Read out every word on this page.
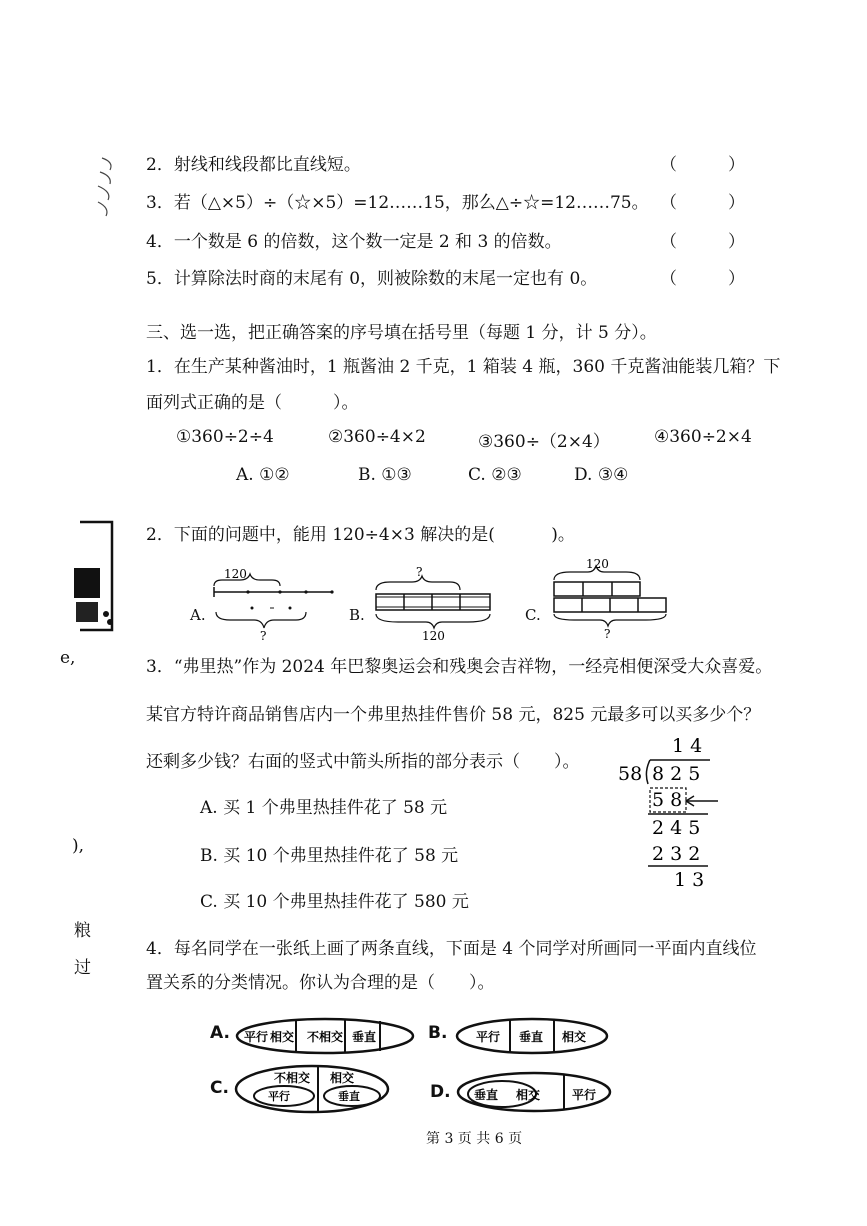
e,
),
粮
过
2．射线和线段都比直线短。	（　　　）
3．若（△×5）÷（☆×5）=12……15，那么△÷☆=12……75。 （　　　）
4．一个数是 6 的倍数，这个数一定是 2 和 3 的倍数。	（　　　）
5．计算除法时商的末尾有 0，则被除数的末尾一定也有 0。	（　　　）
三、选一选，把正确答案的序号填在括号里（每题 1 分，计 5 分）。
1．在生产某种酱油时，1 瓶酱油 2 千克，1 箱装 4 瓶，360 千克酱油能装几箱？下
面列式正确的是（　　　）。
①360÷2÷4	②360÷4×2	③360÷（2×4）	④360÷2×4
A. ①②	B. ①③	C. ②③	D. ③④
2．下面的问题中，能用 120÷4×3 解决的是(　　　 )。
A.
120
?
B.
?
120
C.
120
?
3．“弗里热”作为 2024 年巴黎奥运会和残奥会吉祥物，一经亮相便深受大众喜爱。
某官方特许商品销售店内一个弗里热挂件售价 58 元，825 元最多可以买多少个？
还剩多少钱？右面的竖式中箭头所指的部分表示（　　）。
A. 买 1 个弗里热挂件花了 58 元
B. 买 10 个弗里热挂件花了 58 元
C. 买 10 个弗里热挂件花了 580 元
1 4
58 8 2 5
5 8
2 4 5
2 3 2
1 3
4．每名同学在一张纸上画了两条直线，下面是 4 个同学对所画同一平面内直线位
置关系的分类情况。你认为合理的是（　　）。
A. 平行 相交 不相交 垂直	B. 平行 垂直 相交
C.	不相交 相交
平行	垂直	D. 垂直 相交	平行
第 3 页 共 6 页
